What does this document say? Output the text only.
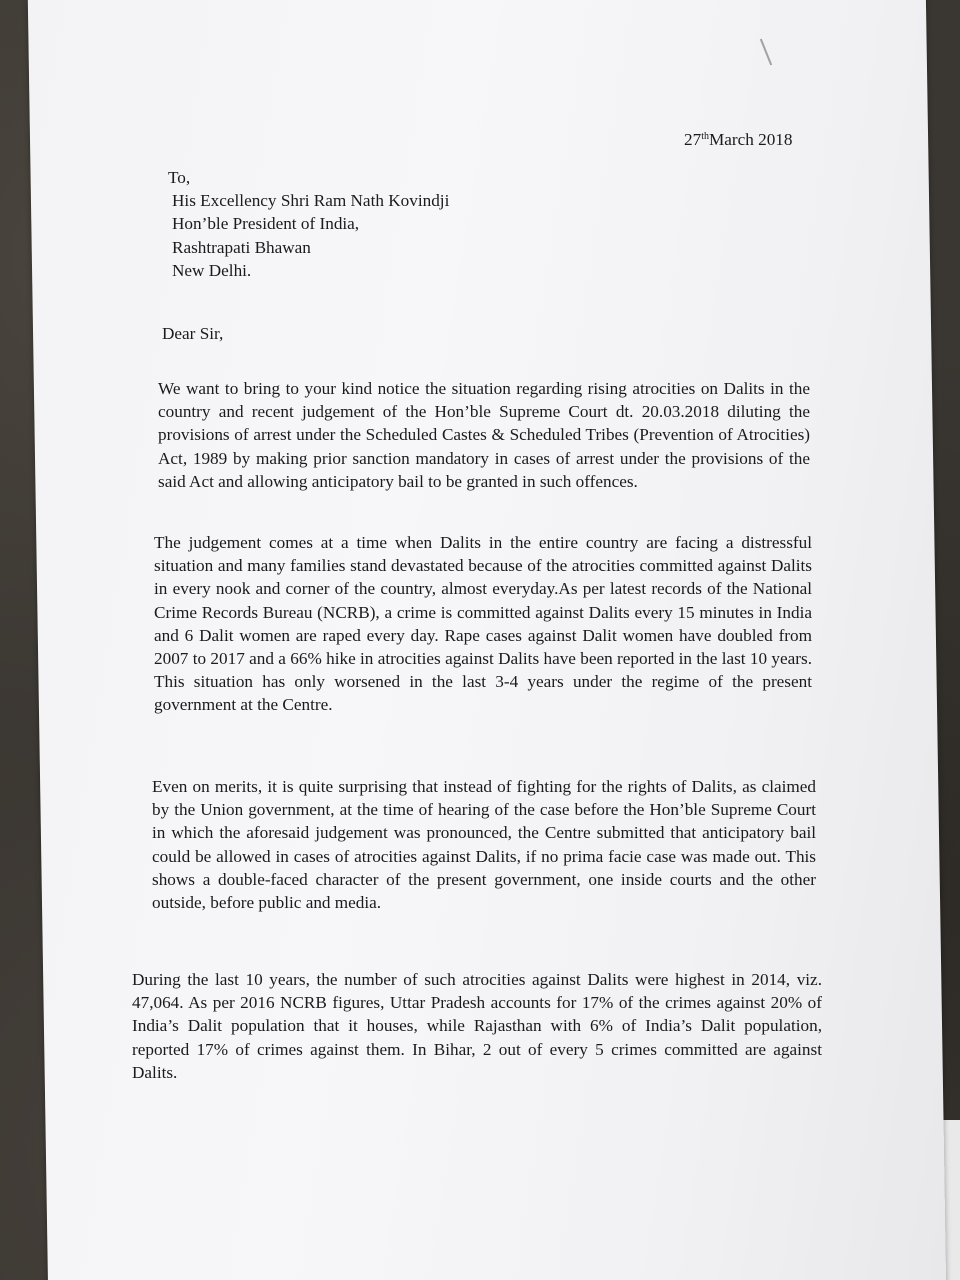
27thMarch 2018
To,
His Excellency Shri Ram Nath Kovindji
Hon’ble President of India,
Rashtrapati Bhawan
New Delhi.
Dear Sir,
We want to bring to your kind notice the situation regarding rising atrocities on Dalits in the country and recent judgement of the Hon’ble Supreme Court dt. 20.03.2018 diluting the provisions of arrest under the Scheduled Castes & Scheduled Tribes (Prevention of Atrocities) Act, 1989 by making prior sanction mandatory in cases of arrest under the provisions of the said Act and allowing anticipatory bail to be granted in such offences.
The judgement comes at a time when Dalits in the entire country are facing a distressful situation and many families stand devastated because of the atrocities committed against Dalits in every nook and corner of the country, almost everyday.As per latest records of the National Crime Records Bureau (NCRB), a crime is committed against Dalits every 15 minutes in India and 6 Dalit women are raped every day. Rape cases against Dalit women have doubled from 2007 to 2017 and a 66% hike in atrocities against Dalits have been reported in the last 10 years. This situation has only worsened in the last 3-4 years under the regime of the present government at the Centre.
Even on merits, it is quite surprising that instead of fighting for the rights of Dalits, as claimed by the Union government, at the time of hearing of the case before the Hon’ble Supreme Court in which the aforesaid judgement was pronounced, the Centre submitted that anticipatory bail could be allowed in cases of atrocities against Dalits, if no prima facie case was made out. This shows a double-faced character of the present government, one inside courts and the other outside, before public and media.
During the last 10 years, the number of such atrocities against Dalits were highest in 2014, viz. 47,064. As per 2016 NCRB figures, Uttar Pradesh accounts for 17% of the crimes against 20% of India’s Dalit population that it houses, while Rajasthan with 6% of India’s Dalit population, reported 17% of crimes against them. In Bihar, 2 out of every 5 crimes committed are against Dalits.
